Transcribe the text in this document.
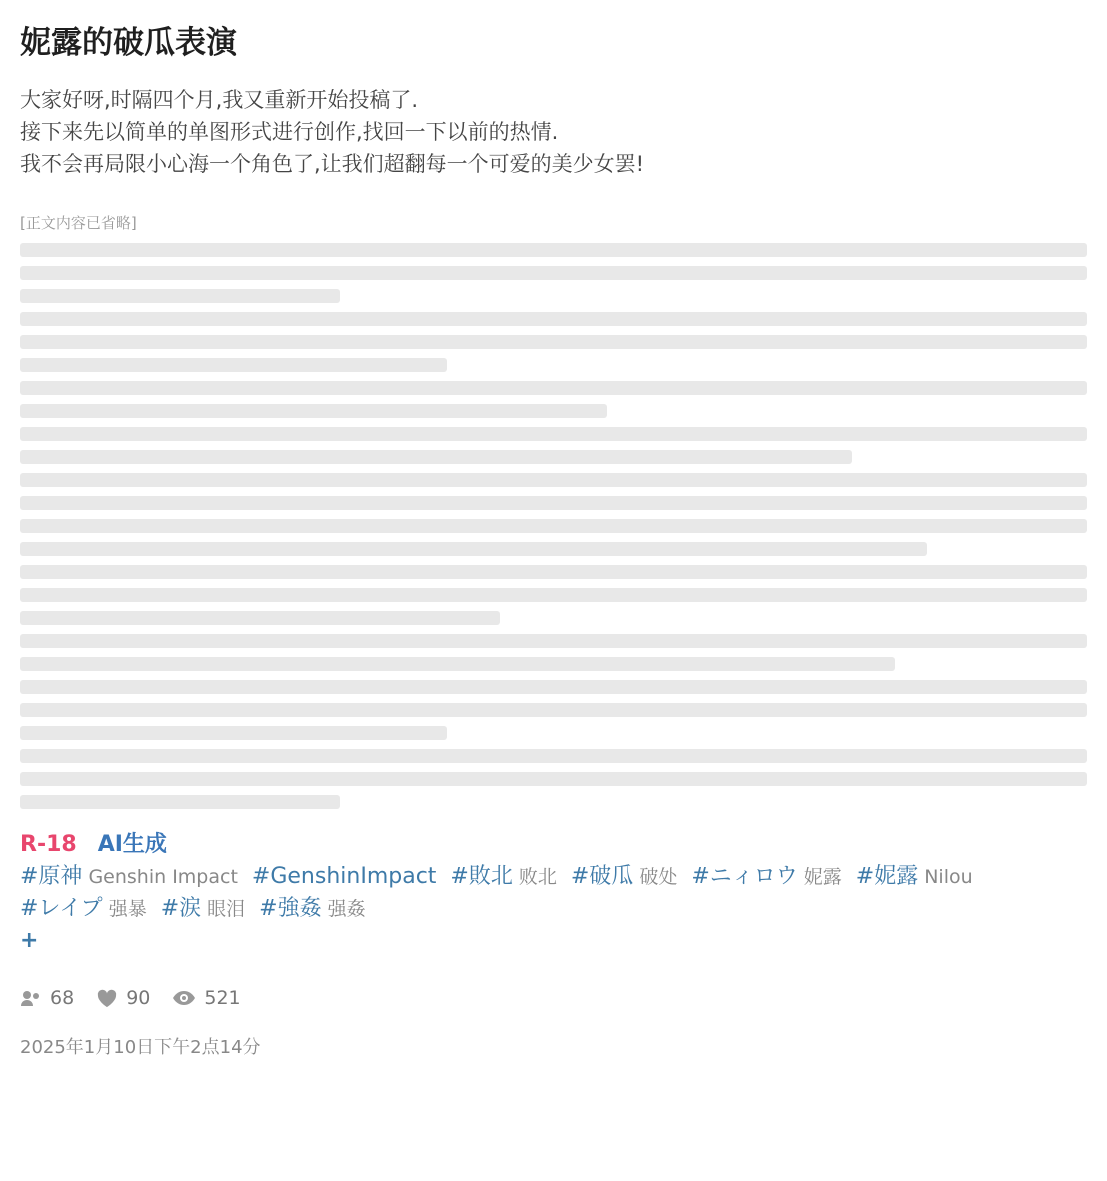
妮露的破瓜表演
大家好呀,时隔四个月,我又重新开始投稿了.
接下来先以简单的单图形式进行创作,找回一下以前的热情.
我不会再局限小心海一个角色了,让我们超翻每一个可爱的美少女罢!
[正文内容已省略]
R-18 AI生成 #原神 Genshin Impact #GenshinImpact #敗北 败北 #破瓜 破处 #ニィロウ 妮露 #妮露 Nilou#レイプ 强暴 #涙 眼泪 #強姦 强姦 +
68	90	521
2025年1月10日下午2点14分
